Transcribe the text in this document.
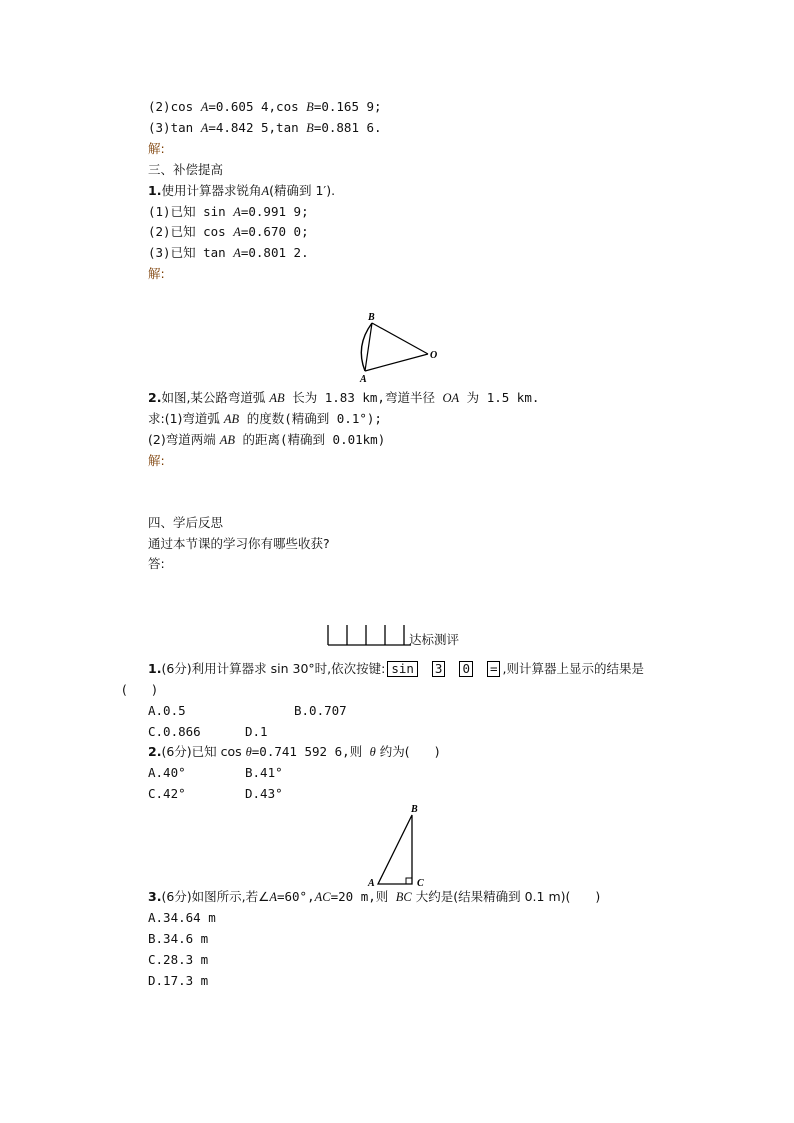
(2)cos A=0.605 4,cos B=0.165 9;
(3)tan A=4.842 5,tan B=0.881 6.
解:
三、补偿提高
1.使用计算器求锐角A(精确到 1′).
(1)已知 sin A=0.991 9;
(2)已知 cos A=0.670 0;
(3)已知 tan A=0.801 2.
解:
B
O
A
2.如图,某公路弯道弧 AB 长为 1.83 km,弯道半径 OA 为 1.5 km.
求:(1)弯道弧 AB 的度数(精确到 0.1°);
(2)弯道两端 AB 的距离(精确到 0.01km)
解:
四、学后反思
通过本节课的学习你有哪些收获?
答:
达标测评
1.(6分)利用计算器求 sin 30°时,依次按键: sin 3 0 = ,则计算器上显示的结果是
(　　)
A.0.5	B.0.707
C.0.866	D.1
2.(6分)已知 cos θ=0.741 592 6,则 θ 约为(　　)
A.40°	B.41°
C.42°	D.43°
B
A	C
3.(6分)如图所示,若∠A=60°,AC=20 m,则 BC 大约是(结果精确到 0.1 m)(　　)
A.34.64 m
B.34.6 m
C.28.3 m
D.17.3 m
